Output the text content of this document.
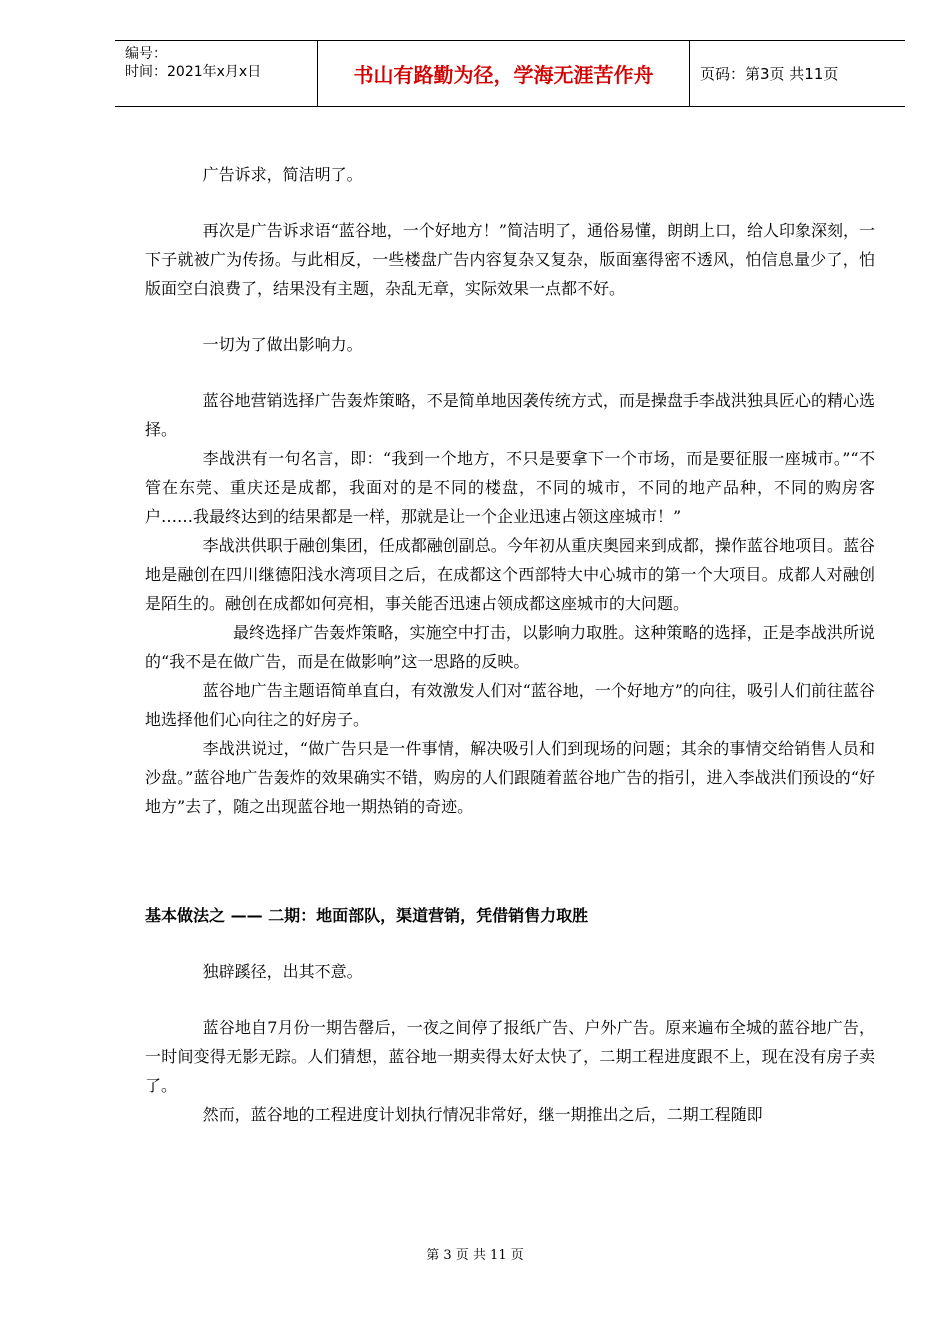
编号：
时间：2021年x月x日	书山有路勤为径，学海无涯苦作舟	页码：第3页 共11页

广告诉求，简洁明了。

再次是广告诉求语“蓝谷地，一个好地方！”简洁明了，通俗易懂，朗朗上口，给人印象深刻，一下子就被广为传扬。与此相反，一些楼盘广告内容复杂又复杂，版面塞得密不透风，怕信息量少了，怕版面空白浪费了，结果没有主题，杂乱无章，实际效果一点都不好。

一切为了做出影响力。

蓝谷地营销选择广告轰炸策略，不是简单地因袭传统方式，而是操盘手李战洪独具匠心的精心选择。

李战洪有一句名言，即：“我到一个地方，不只是要拿下一个市场，而是要征服一座城市。”“不管在东莞、重庆还是成都，我面对的是不同的楼盘，不同的城市，不同的地产品种，不同的购房客户……我最终达到的结果都是一样，那就是让一个企业迅速占领这座城市！”

李战洪供职于融创集团，任成都融创副总。今年初从重庆奥园来到成都，操作蓝谷地项目。蓝谷地是融创在四川继德阳浅水湾项目之后，在成都这个西部特大中心城市的第一个大项目。成都人对融创是陌生的。融创在成都如何亮相，事关能否迅速占领成都这座城市的大问题。

最终选择广告轰炸策略，实施空中打击，以影响力取胜。这种策略的选择，正是李战洪所说的“我不是在做广告，而是在做影响”这一思路的反映。

蓝谷地广告主题语简单直白，有效激发人们对“蓝谷地，一个好地方”的向往，吸引人们前往蓝谷地选择他们心向往之的好房子。

李战洪说过，“做广告只是一件事情，解决吸引人们到现场的问题；其余的事情交给销售人员和沙盘。”蓝谷地广告轰炸的效果确实不错，购房的人们跟随着蓝谷地广告的指引，进入李战洪们预设的“好地方”去了，随之出现蓝谷地一期热销的奇迹。

基本做法之 —— 二期：地面部队，渠道营销，凭借销售力取胜

独辟蹊径，出其不意。

蓝谷地自7月份一期告罄后，一夜之间停了报纸广告、户外广告。原来遍布全城的蓝谷地广告，一时间变得无影无踪。人们猜想，蓝谷地一期卖得太好太快了，二期工程进度跟不上，现在没有房子卖了。

然而，蓝谷地的工程进度计划执行情况非常好，继一期推出之后，二期工程随即

第 3 页 共 11 页
